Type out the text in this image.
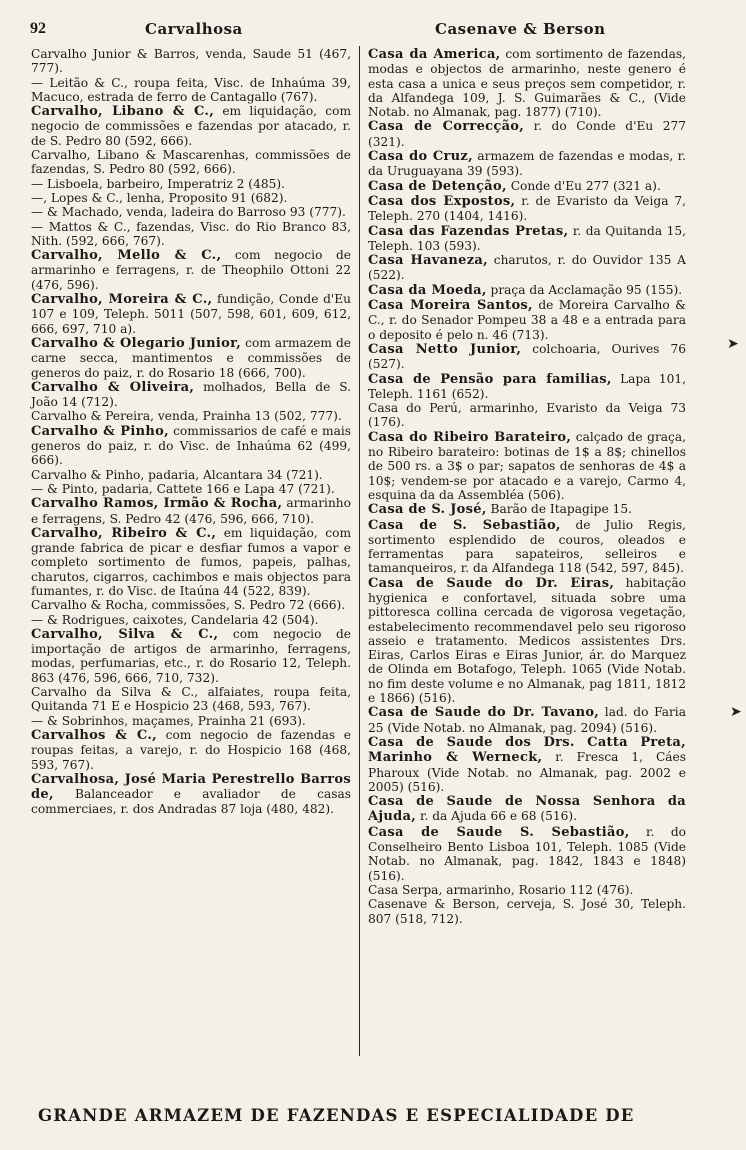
92	Carvalhosa	Casenave & Berson

Carvalho Junior & Barros, venda, Saude 51 (467, 777).

— Leitão & C., roupa feita, Visc. de Inhaúma 39, Macuco, estrada de ferro de Cantagallo (767).

Carvalho, Libano & C., em liquidação, com negocio de commissões e fazendas por atacado, r. de S. Pedro 80 (592, 666).

Carvalho, Libano & Mascarenhas, commissões de fazendas, S. Pedro 80 (592, 666).

— Lisboela, barbeiro, Imperatriz 2 (485).

—, Lopes & C., lenha, Proposito 91 (682).

— & Machado, venda, ladeira do Barroso 93 (777).

— Mattos & C., fazendas, Visc. do Rio Branco 83, Nith. (592, 666, 767).

Carvalho, Mello & C., com negocio de armarinho e ferragens, r. de Theophilo Ottoni 22 (476, 596).

Carvalho, Moreira & C., fundição, Conde d'Eu 107 e 109, Teleph. 5011 (507, 598, 601, 609, 612, 666, 697, 710 a).

Carvalho & Olegario Junior, com armazem de carne secca, mantimentos e commissões de generos do paiz, r. do Rosario 18 (666, 700).

Carvalho & Oliveira, molhados, Bella de S. João 14 (712).

Carvalho & Pereira, venda, Prainha 13 (502, 777).

Carvalho & Pinho, commissarios de café e mais generos do paiz, r. do Visc. de Inhaúma 62 (499, 666).

Carvalho & Pinho, padaria, Alcantara 34 (721).

— & Pinto, padaria, Cattete 166 e Lapa 47 (721).

Carvalho Ramos, Irmão & Rocha, armarinho e ferragens, S. Pedro 42 (476, 596, 666, 710).

Carvalho, Ribeiro & C., em liquidação, com grande fabrica de picar e desfiar fumos a vapor e completo sortimento de fumos, papeis, palhas, charutos, cigarros, cachimbos e mais objectos para fumantes, r. do Visc. de Itaúna 44 (522, 839).

Carvalho & Rocha, commissões, S. Pedro 72 (666).

— & Rodrigues, caixotes, Candelaria 42 (504).

Carvalho, Silva & C., com negocio de importação de artigos de armarinho, ferragens, modas, perfumarias, etc., r. do Rosario 12, Teleph. 863 (476, 596, 666, 710, 732).

Carvalho da Silva & C., alfaiates, roupa feita, Quitanda 71 E e Hospicio 23 (468, 593, 767).

— & Sobrinhos, maçames, Prainha 21 (693).

Carvalhos & C., com negocio de fazendas e roupas feitas, a varejo, r. do Hospicio 168 (468, 593, 767).

Carvalhosa, José Maria Perestrello Barros de, Balanceador e avaliador de casas commerciaes, r. dos Andradas 87 loja (480, 482).

Casa da America, com sortimento de fazendas, modas e objectos de armarinho, neste genero é esta casa a unica e seus preços sem competidor, r. da Alfandega 109, J. S. Guimarães & C., (Vide Notab. no Almanak, pag. 1877) (710).

Casa de Correcção, r. do Conde d'Eu 277 (321).

Casa do Cruz, armazem de fazendas e modas, r. da Uruguayana 39 (593).

Casa de Detenção, Conde d'Eu 277 (321 a).

Casa dos Expostos, r. de Evaristo da Veiga 7, Teleph. 270 (1404, 1416).

Casa das Fazendas Pretas, r. da Quitanda 15, Teleph. 103 (593).

Casa Havaneza, charutos, r. do Ouvidor 135 A (522).

Casa da Moeda, praça da Acclamação 95 (155).

Casa Moreira Santos, de Moreira Carvalho & C., r. do Senador Pompeu 38 a 48 e a entrada para o deposito é pelo n. 46 (713).

Casa Netto Junior, colchoaria, Ourives 76 (527).

Casa de Pensão para familias, Lapa 101, Teleph. 1161 (652).

Casa do Perú, armarinho, Evaristo da Veiga 73 (176).

Casa do Ribeiro Barateiro, calçado de graça, no Ribeiro barateiro: botinas de 1$ a 8$; chinellos de 500 rs. a 3$ o par; sapatos de senhoras de 4$ a 10$; vendem-se por atacado e a varejo, Carmo 4, esquina da da Assembléa (506).

Casa de S. José, Barão de Itapagipe 15.

Casa de S. Sebastião, de Julio Regis, sortimento esplendido de couros, oleados e ferramentas para sapateiros, selleiros e tamanqueiros, r. da Alfandega 118 (542, 597, 845).

Casa de Saude do Dr. Eiras, habitação hygienica e confortavel, situada sobre uma pittoresca collina cercada de vigorosa vegetação, estabelecimento recommendavel pelo seu rigoroso asseio e tratamento. Medicos assistentes Drs. Eiras, Carlos Eiras e Eiras Junior, ár. do Marquez de Olinda em Botafogo, Teleph. 1065 (Vide Notab. no fim deste volume e no Almanak, pag 1811, 1812 e 1866) (516).

Casa de Saude do Dr. Tavano, lad. do Faria 25 (Vide Notab. no Almanak, pag. 2094) (516).

Casa de Saude dos Drs. Catta Preta, Marinho & Werneck, r. Fresca 1, Cáes Pharoux (Vide Notab. no Almanak, pag. 2002 e 2005) (516).

Casa de Saude de Nossa Senhora da Ajuda, r. da Ajuda 66 e 68 (516).

Casa de Saude S. Sebastião, r. do Conselheiro Bento Lisboa 101, Teleph. 1085 (Vide Notab. no Almanak, pag. 1842, 1843 e 1848) (516).

Casa Serpa, armarinho, Rosario 112 (476).

Casenave & Berson, cerveja, S. José 30, Teleph. 807 (518, 712).

➤
➤
GRANDE ARMAZEM DE FAZENDAS E ESPECIALIDADE DE
